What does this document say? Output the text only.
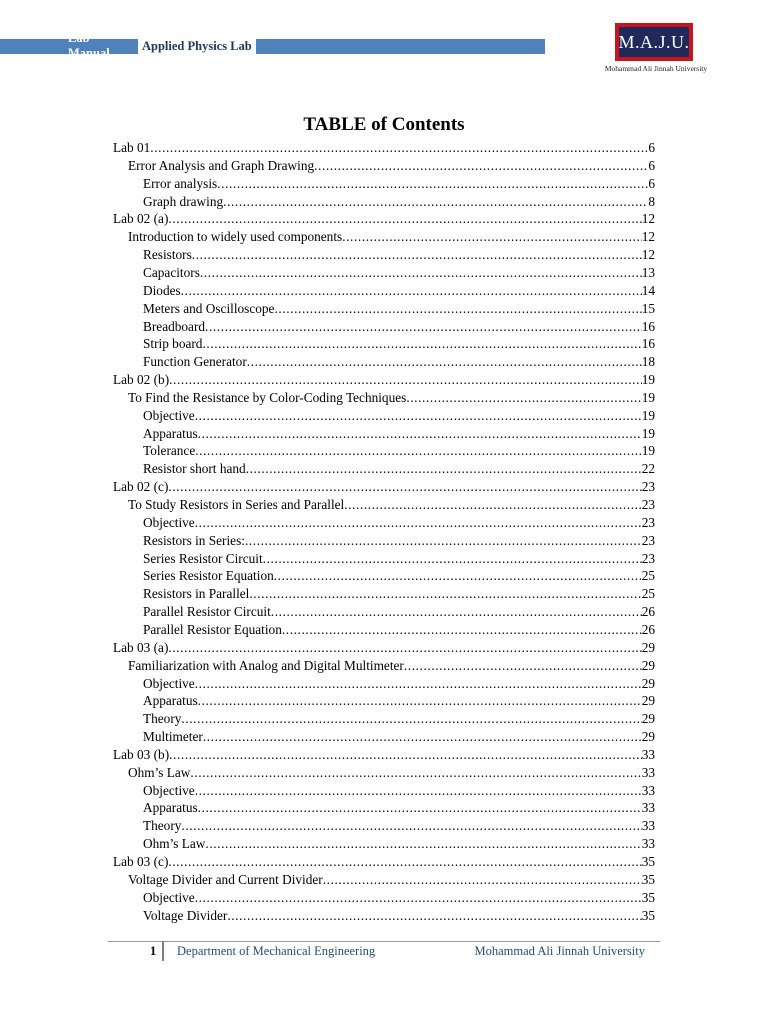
Lab Manual
Applied Physics Lab	M.A.J.U.
Mohammad Ali Jinnah University
TABLE of Contents
Lab 01 .....	6
Error Analysis and Graph Drawing .....	6
Error analysis .....	6
Graph drawing .....	8
Lab 02 (a) .....	12
Introduction to widely used components .....	12
Resistors .....	12
Capacitors .....	13
Diodes .....	14
Meters and Oscilloscope .....	15
Breadboard .....	16
Strip board .....	16
Function Generator .....	18
Lab 02 (b) .....	19
To Find the Resistance by Color-Coding Techniques .....	19
Objective .....	19
Apparatus .....	19
Tolerance .....	19
Resistor short hand .....	22
Lab 02 (c) .....	23
To Study Resistors in Series and Parallel .....	23
Objective .....	23
Resistors in Series: .....	23
Series Resistor Circuit .....	23
Series Resistor Equation .....	25
Resistors in Parallel .....	25
Parallel Resistor Circuit .....	26
Parallel Resistor Equation .....	26
Lab 03 (a) .....	29
Familiarization with Analog and Digital Multimeter .....	29
Objective .....	29
Apparatus .....	29
Theory .....	29
Multimeter .....	29
Lab 03 (b) .....	33
Ohm’s Law .....	33
Objective .....	33
Apparatus .....	33
Theory .....	33
Ohm’s Law .....	33
Lab 03 (c) .....	35
Voltage Divider and Current Divider .....	35
Objective .....	35
Voltage Divider .....	35
1 Department of Mechanical Engineering	Mohammad Ali Jinnah University
